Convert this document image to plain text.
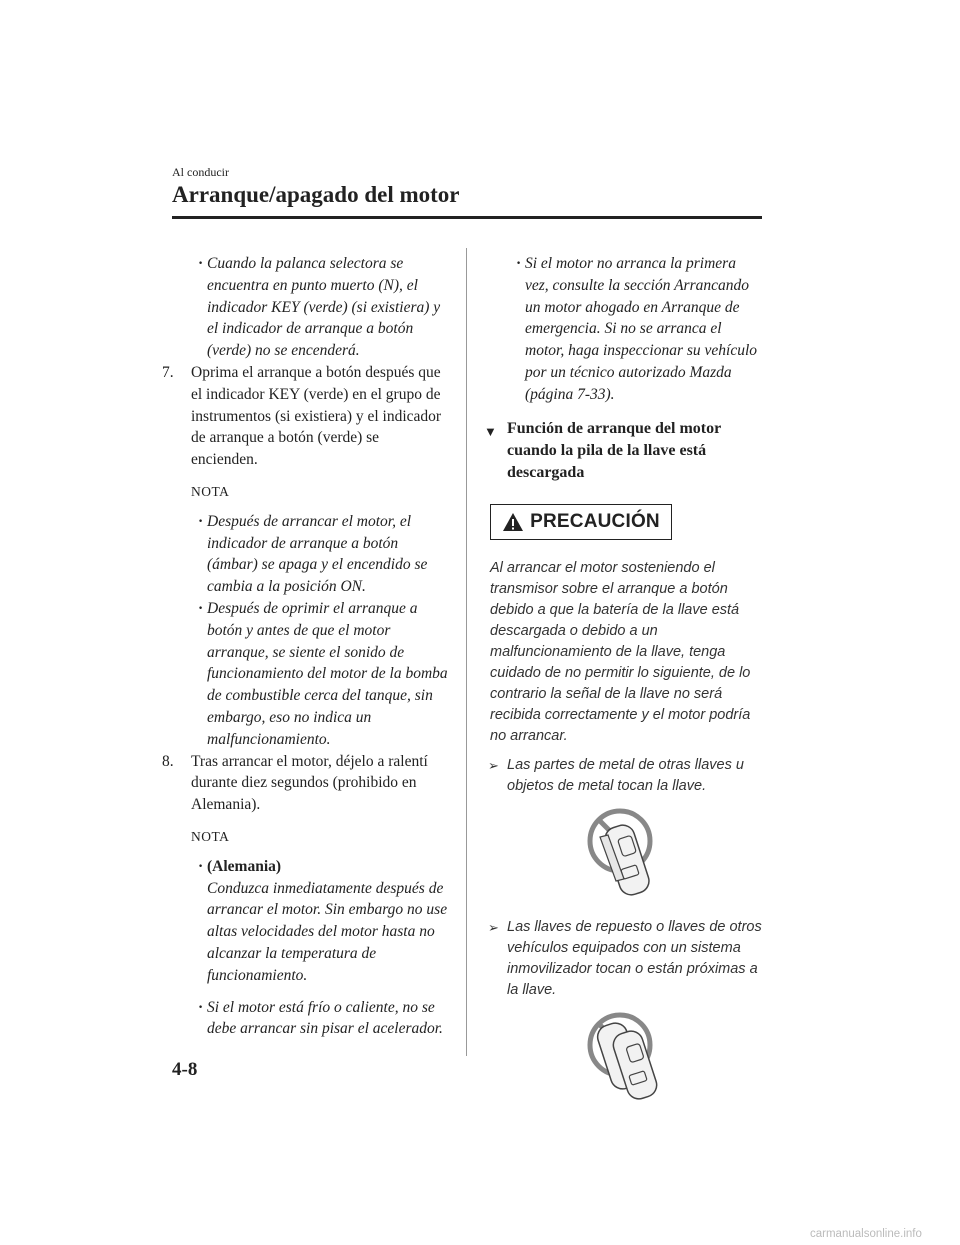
Al conducir
Arranque/apagado del motor
· Cuando la palanca selectora se encuentra en punto muerto (N), el indicador KEY (verde) (si existiera) y el indicador de arranque a botón (verde) no se encenderá.
7. Oprima el arranque a botón después que el indicador KEY (verde) en el grupo de instrumentos (si existiera) y el indicador de arranque a botón (verde) se encienden.
NOTA
· Después de arrancar el motor, el indicador de arranque a botón (ámbar) se apaga y el encendido se cambia a la posición ON.
· Después de oprimir el arranque a botón y antes de que el motor arranque, se siente el sonido de funcionamiento del motor de la bomba de combustible cerca del tanque, sin embargo, eso no indica un malfuncionamiento.
8. Tras arrancar el motor, déjelo a ralentí durante diez segundos (prohibido en Alemania).
NOTA
· (Alemania)
Conduzca inmediatamente después de arrancar el motor. Sin embargo no use altas velocidades del motor hasta no alcanzar la temperatura de funcionamiento.
· Si el motor está frío o caliente, no se debe arrancar sin pisar el acelerador.
· Si el motor no arranca la primera vez, consulte la sección Arrancando un motor ahogado en Arranque de emergencia. Si no se arranca el motor, haga inspeccionar su vehículo por un técnico autorizado Mazda (página 7-33).
▼ Función de arranque del motor cuando la pila de la llave está descargada
PRECAUCIÓN
Al arrancar el motor sosteniendo el transmisor sobre el arranque a botón debido a que la batería de la llave está descargada o debido a un malfuncionamiento de la llave, tenga cuidado de no permitir lo siguiente, de lo contrario la señal de la llave no será recibida correctamente y el motor podría no arrancar.
➢ Las partes de metal de otras llaves u objetos de metal tocan la llave.
➢ Las llaves de repuesto o llaves de otros vehículos equipados con un sistema inmovilizador tocan o están próximas a la llave.
4-8
carmanualsonline.info
